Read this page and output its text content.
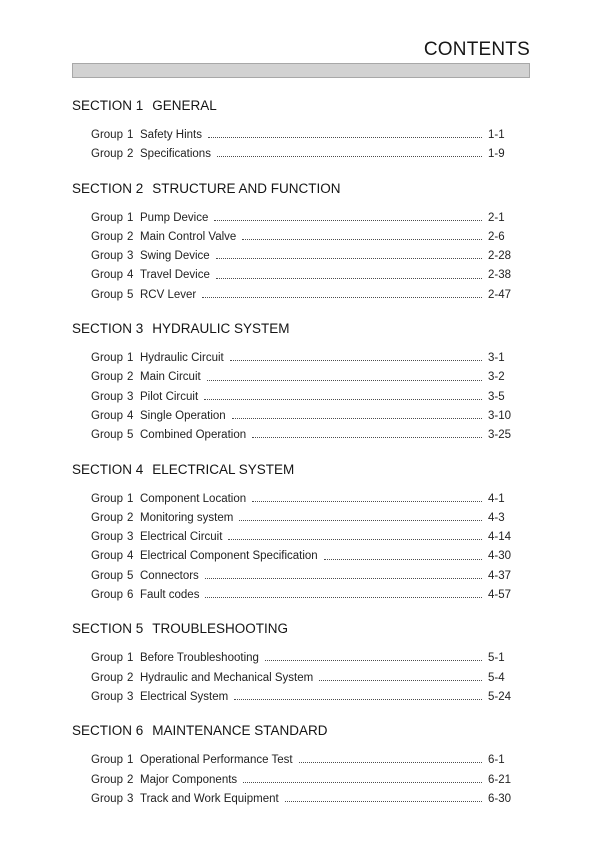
CONTENTS
SECTION 1 GENERAL
Group 1 Safety Hints	1-1
Group 2 Specifications	1-9
SECTION 2 STRUCTURE AND FUNCTION
Group 1 Pump Device	2-1
Group 2 Main Control Valve	2-6
Group 3 Swing Device	2-28
Group 4 Travel Device	2-38
Group 5 RCV Lever	2-47
SECTION 3 HYDRAULIC SYSTEM
Group 1 Hydraulic Circuit	3-1
Group 2 Main Circuit	3-2
Group 3 Pilot Circuit	3-5
Group 4 Single Operation	3-10
Group 5 Combined Operation	3-25
SECTION 4 ELECTRICAL SYSTEM
Group 1 Component Location	4-1
Group 2 Monitoring system	4-3
Group 3 Electrical Circuit	4-14
Group 4 Electrical Component Specification	4-30
Group 5 Connectors	4-37
Group 6 Fault codes	4-57
SECTION 5 TROUBLESHOOTING
Group 1 Before Troubleshooting	5-1
Group 2 Hydraulic and Mechanical System	5-4
Group 3 Electrical System	5-24
SECTION 6 MAINTENANCE STANDARD
Group 1 Operational Performance Test	6-1
Group 2 Major Components	6-21
Group 3 Track and Work Equipment	6-30
